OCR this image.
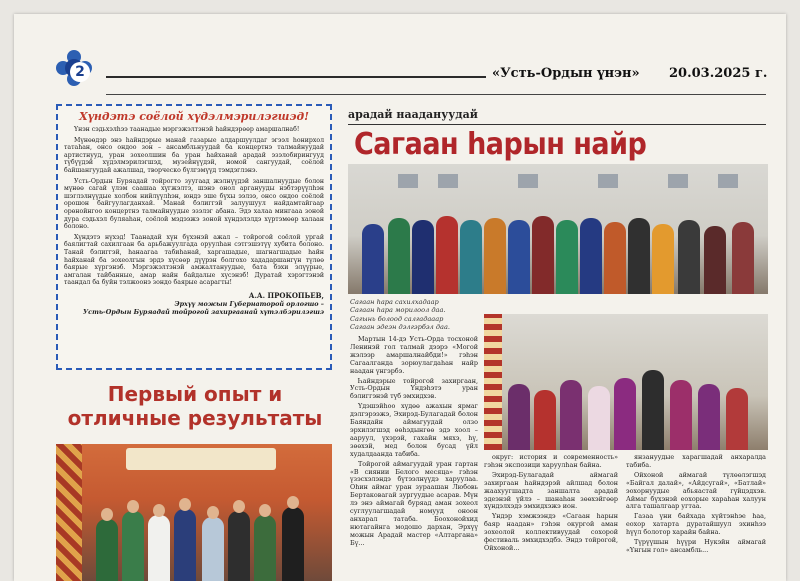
2	«Усть-Ордын үнэн» 20.03.2025 г.
Хүндэтэ соёлой хүдэлмэрилэгшэд!

Үнэн сэдьхэлһээ таанадые мэргэжэлтэнэй һайндэрөөр амаршалнаб!

Мүнөөдэр энэ һайндэрые манай газарые алдаршуулдаг эгээл һонирхол татаһан, онсо ондоо зон – ансамбльнуудай ба концертнэ талмайнуудай артистнууд, уран зохеолшин ба уран һайханай арадай эзэлобирингууд түбүүдэй хүдэлмэрилэгшэд, музейнүүдэй, номой сангуудай, соёлой байшангуудай ажалшад, творческо бүлгэмүүд тэмдэглэнэ.

Усть-Ордын Буряадай тойрогто зуугаад жэлнүүдэй заншалнуудые болон мүнөө сагай үлэм саашаа хүгжэлтэ, шэнэ онол арганууды нэбтэрүүлһэн шэглэлнүүдые холбон нийлүүлһэн, юндэ эше бүхы ээлээ, онсо ондоо соёлой орошон байгуулагданхай. Манай бэлиггэй залуушуул найдамтайгаар орөнойнгоо концертнэ талмайнуудые эзэлэг абана. Эдэ халаа мингааа зоной дура сэдьхэл буляаһан, соёлой мэдээжэ зоной хүндэлэлдэ хүртэмөөр халаан болоно.

Хүндэтэ нүхэд! Таанадай хүн бүхэнэй ажал – тойрогой соёлой ургай баялигтай сахилгаан ба арьбажуулгада оруулһан сэтгэшэтүү хубита болоно. Танай бэлиггэй, һанаагаа табиһанай, харгашадые, шагнагшадые һайн һайханай ба зохеолгын эрдэ хүсөөр дүүрэн болгохо хададаршангүн түлөө баярые хүргэнэб. Мэргэжэлтэнэй амжалтануудые, бата бэхи элүүрые, амгалан тайбанные, амар найн байдалые хүсэнэб! Дуратай хэрэгтэнэй таандал ба буйн тэлжоонэ зондо баярые асарагты!

А.А. ПРОКОПЬЕВ,
Эрхүү можын Губернаторой орлогшо –
Усть-Ордын Буряадай тойрогой захиргаанай хүтэлбэрилэгшэ
Первый опыт и отличные результаты
арадай наадануудай
Сагаан һарын найр
Сагаан һара сахилхадаар
Сагаан һара морилоол даа.
Сагынь болоод салгадааар
Сагаан эдеэн дэлгэрбэл даа.

Мартын 14-дэ Усть-Орда тосхоной Ленинэй гол талмай дээрэ «Могой жэлээр амаршалнайбди!» гэһэн Сагаалганда зорюулагдаһан найр наадан үнгэрбэ.

Һайндэрые тойрогой захиргаан, Усть-Ордын Үндэһэтэ уран бэлиггэнэй түб эмхидхэв.

Үдэшэйһоо хүдөө ажахын ярмаг дэлгэрээжэ, Эхирэд-Булагадай болон Баяндайн аймагуудай олзо эрхилэгшэд өөһэдынгөө эдэ хоол – ааруул, үхэрэй, гахайн мяхэ, һү, зөөхэй, мед болон бусад үйл худалдаанда табиба.

Тойрогой аймагуудай уран гартан «В сиянии Белого месяца» гэһэн үзэсхэлэндэ бүтээлнүүдэ харуулаа. Оһин аймаг уран зураашан Любовь Бертаковагай зургуудые асарав. Мүн лэ энэ аймагай буряад аман зохеол суглуулагшадай номууд оноон анхарал татаба. Боохонойхид нютагайнга модошо дархан, Эрхүү можын Арадай мастер «Алтаргана» Бү...

округ: история и современность» гэһэн экспозици харуулһан байна.

Эхирэд-Булагадай аймагай захиргаан һайндэрэй айлшад болон жаахуугшадта заншалта арадай эдеэнэй үйлэ – шанаһан зөөхэйгөөр хүндэлхэдэ эмхидхэжэ ион.

Үндэр хэмжээндэ «Сагаан һарын баяр наадан» гэһэн окургой аман зохеолой коллективуудай сохорой фестиваль эмхидхэдбэ. Эндэ тойрогой, Ойхоной...

янзануудые харагшадай анхаралда табиба.

Ойхоной аймагай түлөөлэгшэд «Байгал далай», «Айдсугай», «Батлай» эохорнуудые абьяастай гүйцэдхэв. Аймаг бүхэнэй еохорые хараһан халуун алга ташалгаар угтаа.

Газаа үни байхада хүйтэнһэе һаа, еохор хатарта дуратайшуул эхинһээ һүүл болотор харайн байна.

Түрүүшын һүүри Нукэйн аймагай «Үнгын гол» ансамбль...
